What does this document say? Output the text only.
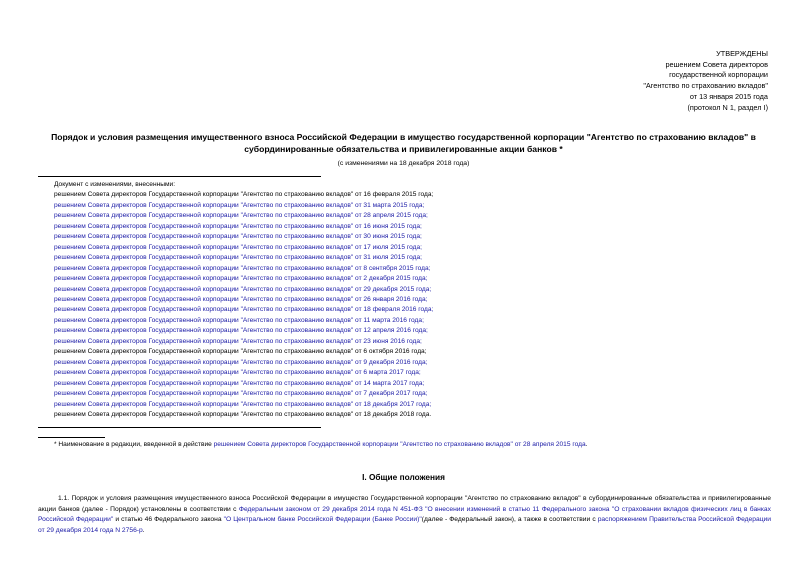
УТВЕРЖДЕНЫ
решением Совета директоров
государственной корпорации
"Агентство по страхованию вкладов"
от 13 января 2015 года
(протокол N 1, раздел I)
Порядок и условия размещения имущественного взноса Российской Федерации в имущество государственной корпорации "Агентство по страхованию вкладов" в субординированные обязательства и привилегированные акции банков *
(с изменениями на 18 декабря 2018 года)
Документ с изменениями, внесенными:
решением Совета директоров Государственной корпорации "Агентство по страхованию вкладов" от 16 февраля 2015 года;
решением Совета директоров Государственной корпорации "Агентство по страхованию вкладов" от 31 марта 2015 года;
решением Совета директоров Государственной корпорации "Агентство по страхованию вкладов" от 28 апреля 2015 года;
решением Совета директоров Государственной корпорации "Агентство по страхованию вкладов" от 16 июня 2015 года;
решением Совета директоров Государственной корпорации "Агентство по страхованию вкладов" от 30 июня 2015 года;
решением Совета директоров Государственной корпорации "Агентство по страхованию вкладов" от 17 июля 2015 года;
решением Совета директоров Государственной корпорации "Агентство по страхованию вкладов" от 31 июля 2015 года;
решением Совета директоров Государственной корпорации "Агентство по страхованию вкладов" от 8 сентября 2015 года;
решением Совета директоров Государственной корпорации "Агентство по страхованию вкладов" от 2 декабря 2015 года;
решением Совета директоров Государственной корпорации "Агентство по страхованию вкладов" от 29 декабря 2015 года;
решением Совета директоров Государственной корпорации "Агентство по страхованию вкладов" от 26 января 2016 года;
решением Совета директоров Государственной корпорации "Агентство по страхованию вкладов" от 18 февраля 2016 года;
решением Совета директоров Государственной корпорации "Агентство по страхованию вкладов" от 11 марта 2016 года;
решением Совета директоров Государственной корпорации "Агентство по страхованию вкладов" от 12 апреля 2016 года;
решением Совета директоров Государственной корпорации "Агентство по страхованию вкладов" от 23 июня 2016 года;
решением Совета директоров Государственной корпорации "Агентство по страхованию вкладов" от 6 октября 2016 года;
решением Совета директоров Государственной корпорации "Агентство по страхованию вкладов" от 9 декабря 2016 года;
решением Совета директоров Государственной корпорации "Агентство по страхованию вкладов" от 6 марта 2017 года;
решением Совета директоров Государственной корпорации "Агентство по страхованию вкладов" от 14 марта 2017 года;
решением Совета директоров Государственной корпорации "Агентство по страхованию вкладов" от 7 декабря 2017 года;
решением Совета директоров Государственной корпорации "Агентство по страхованию вкладов" от 18 декабря 2017 года;
решением Совета директоров Государственной корпорации "Агентство по страхованию вкладов" от 18 декабря 2018 года.
* Наименование в редакции, введенной в действие решением Совета директоров Государственной корпорации "Агентство по страхованию вкладов" от 28 апреля 2015 года.
I. Общие положения
1.1. Порядок и условия размещения имущественного взноса Российской Федерации в имущество Государственной корпорации "Агентство по страхованию вкладов" в субординированные обязательства и привилегированные акции банков (далее - Порядок) установлены в соответствии с Федеральным законом от 29 декабря 2014 года N 451-ФЗ "О внесении изменений в статью 11 Федерального закона "О страховании вкладов физических лиц в банках Российской Федерации" и статью 46 Федерального закона "О Центральном банке Российской Федерации (Банке России)"(далее - Федеральный закон), а также в соответствии с распоряжением Правительства Российской Федерации от 29 декабря 2014 года N 2756-р.
